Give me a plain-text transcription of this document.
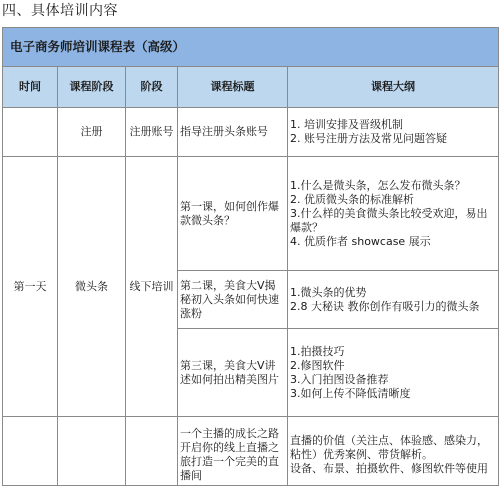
四、具体培训内容
电子商务师培训课程表（高级）				
时间	课程阶段	阶段	课程标题	课程大纲
	注册	注册账号	指导注册头条账号	1. 培训安排及晋级机制
2. 账号注册方法及常见问题答疑

第一天	微头条	线下培训	第一课，如何创作爆款微头条？	1.什么是微头条，怎么发布微头条？
2. 优质微头条的标准解析
3.什么样的美食微头条比较受欢迎，易出爆款？
4. 优质作者 showcase 展示

			第二课，美食大V揭秘初入头条如何快速涨粉	1.微头条的优势
2.8 大秘诀 教你创作有吸引力的微头条

			第三课，美食大V讲述如何拍出精美图片	1.拍摄技巧
2.修图软件
3.入门拍图设备推荐
3.如何上传不降低清晰度

			一个主播的成长之路开启你的线上直播之旅打造一个完美的直播间	直播的价值（关注点、体验感、感染力，粘性）优秀案例、带货解析。
设备、布景、拍摄软件、修图软件等使用
